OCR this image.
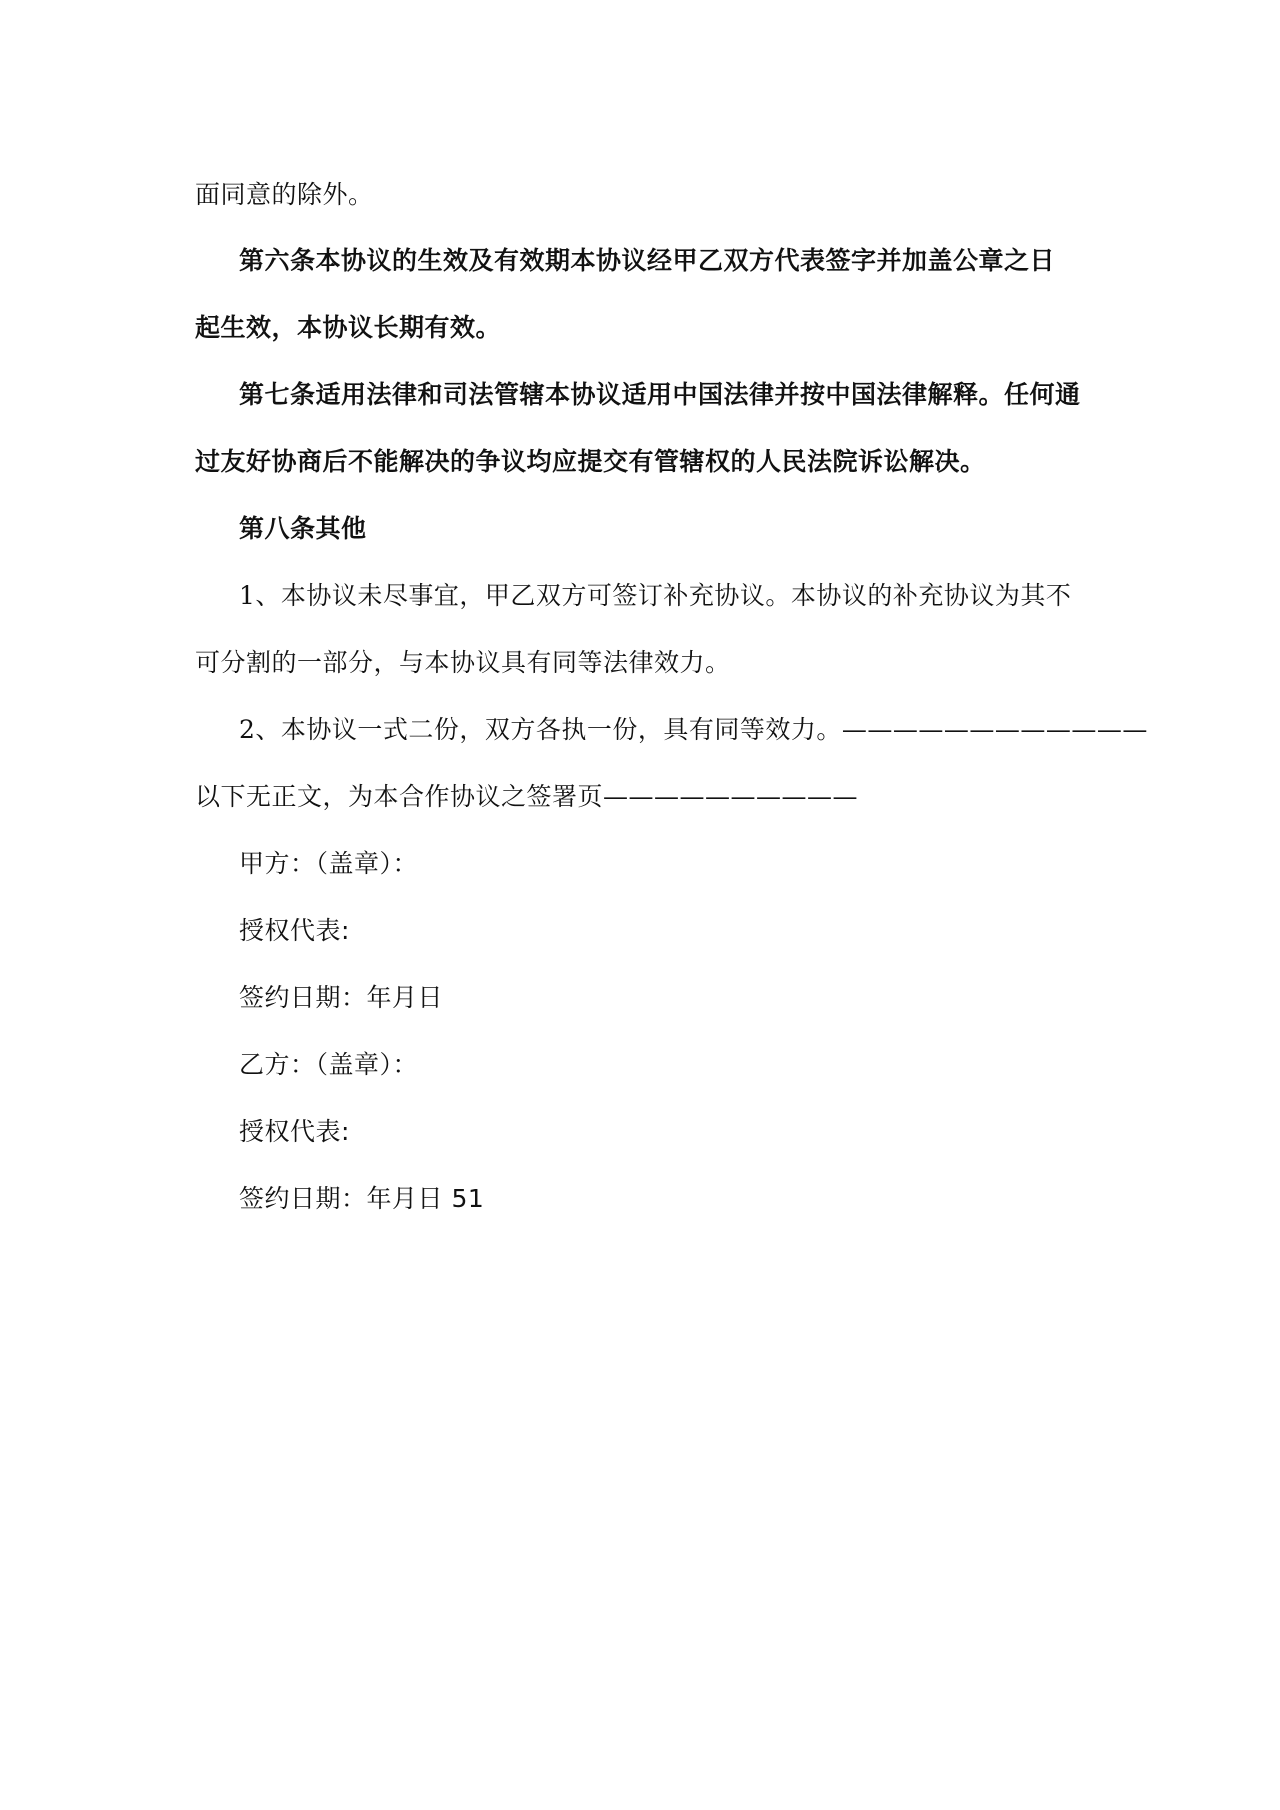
面同意的除外。
第六条本协议的生效及有效期本协议经甲乙双方代表签字并加盖公章之日
起生效，本协议长期有效。
第七条适用法律和司法管辖本协议适用中国法律并按中国法律解释。任何通
过友好协商后不能解决的争议均应提交有管辖权的人民法院诉讼解决。
第八条其他
1、本协议未尽事宜，甲乙双方可签订补充协议。本协议的补充协议为其不
可分割的一部分，与本协议具有同等法律效力。
2、本协议一式二份，双方各执一份，具有同等效力。————————————
以下无正文，为本合作协议之签署页——————————
甲方：（盖章）：
授权代表:
签约日期：年月日
乙方：（盖章）：
授权代表:
签约日期：年月日 51
